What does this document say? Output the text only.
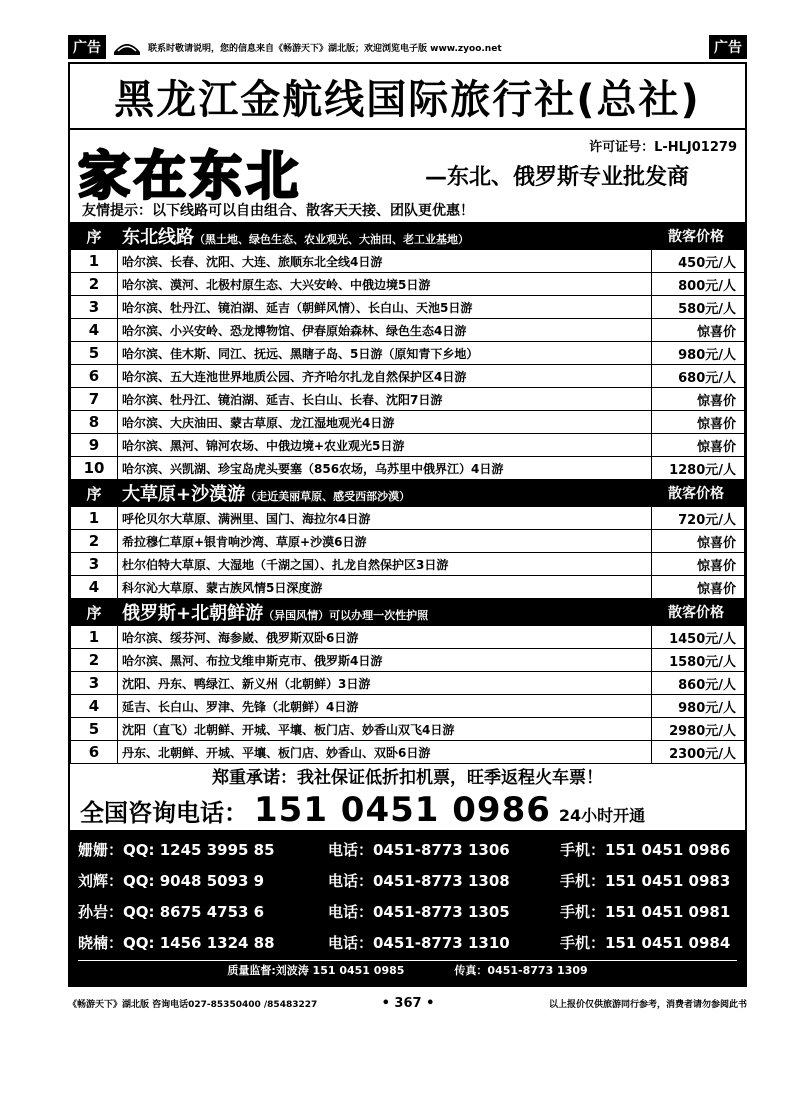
广告	联系时敬请说明，您的信息来自《畅游天下》湖北版；欢迎浏览电子版 www.zyoo.net	广告
黑龙江金航线国际旅行社(总社)
家在东北	—东北、俄罗斯专业批发商
许可证号：L-HLJ01279
友情提示：以下线路可以自由组合、散客天天接、团队更优惠！
序	东北线路（黑土地、绿色生态、农业观光、大油田、老工业基地）	散客价格
1	哈尔滨、长春、沈阳、大连、旅顺东北全线4日游	450元/人
2	哈尔滨、漠河、北极村原生态、大兴安岭、中俄边境5日游	800元/人
3	哈尔滨、牡丹江、镜泊湖、延吉（朝鲜风情）、长白山、天池5日游	580元/人
4	哈尔滨、小兴安岭、恐龙博物馆、伊春原始森林、绿色生态4日游	惊喜价
5	哈尔滨、佳木斯、同江、抚远、黑瞎子岛、5日游（原知青下乡地）	980元/人
6	哈尔滨、五大连池世界地质公园、齐齐哈尔扎龙自然保护区4日游	680元/人
7	哈尔滨、牡丹江、镜泊湖、延吉、长白山、长春、沈阳7日游	惊喜价
8	哈尔滨、大庆油田、蒙古草原、龙江湿地观光4日游	惊喜价
9	哈尔滨、黑河、锦河农场、中俄边境+农业观光5日游	惊喜价
10	哈尔滨、兴凯湖、珍宝岛虎头要塞（856农场，乌苏里中俄界江）4日游	1280元/人
序	大草原+沙漠游（走近美丽草原、感受西部沙漠）	散客价格
1	呼伦贝尔大草原、满洲里、国门、海拉尔4日游	720元/人
2	希拉穆仁草原+银肯响沙湾、草原+沙漠6日游	惊喜价
3	杜尔伯特大草原、大湿地（千湖之国）、扎龙自然保护区3日游	惊喜价
4	科尔沁大草原、蒙古族风情5日深度游	惊喜价
序	俄罗斯+北朝鲜游（异国风情）可以办理一次性护照	散客价格
1	哈尔滨、绥芬河、海参崴、俄罗斯双卧6日游	1450元/人
2	哈尔滨、黑河、布拉戈维申斯克市、俄罗斯4日游	1580元/人
3	沈阳、丹东、鸭绿江、新义州（北朝鲜）3日游	860元/人
4	延吉、长白山、罗津、先锋（北朝鲜）4日游	980元/人
5	沈阳（直飞）北朝鲜、开城、平壤、板门店、妙香山双飞4日游	2980元/人
6	丹东、北朝鲜、开城、平壤、板门店、妙香山、双卧6日游	2300元/人
郑重承诺：我社保证低折扣机票，旺季返程火车票！
全国咨询电话： 151 0451 0986 24小时开通
姗姗：QQ: 1245 3995 85	电话：0451-8773 1306	手机：151 0451 0986
刘辉：QQ: 9048 5093 9	电话：0451-8773 1308	手机：151 0451 0983
孙岩：QQ: 8675 4753 6	电话：0451-8773 1305	手机：151 0451 0981
晓楠：QQ: 1456 1324 88	电话：0451-8773 1310	手机：151 0451 0984
质量监督:刘波涛 151 0451 0985	传真：0451-8773 1309
《畅游天下》湖北版 咨询电话027-85350400 /85483227	• 367 •	以上报价仅供旅游同行参考，消费者请勿参阅此书
